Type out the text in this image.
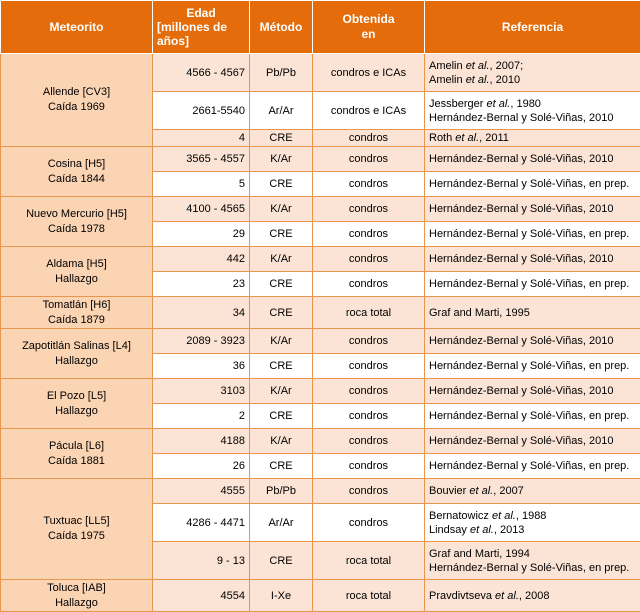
Meteorito	Edad
[millones de
años]	Método	Obtenida
en	Referencia

Allende [CV3]
Caída 1969	4566 - 4567	Pb/Pb	condros e ICAs	Amelin et al., 2007;
Amelin et al., 2010

	2661-5540	Ar/Ar	condros e ICAs	Jessberger et al., 1980
Hernández-Bernal y Solé-Viñas, 2010

	4	CRE	condros	Roth et al., 2011

Cosina [H5]
Caída 1844	3565 - 4557	K/Ar	condros	Hernández-Bernal y Solé-Viñas, 2010

	5	CRE	condros	Hernández-Bernal y Solé-Viñas, en prep.

Nuevo Mercurio [H5]
Caída 1978	4100 - 4565	K/Ar	condros	Hernández-Bernal y Solé-Viñas, 2010

	29	CRE	condros	Hernández-Bernal y Solé-Viñas, en prep.

Aldama [H5]
Hallazgo	442	K/Ar	condros	Hernández-Bernal y Solé-Viñas, 2010

	23	CRE	condros	Hernández-Bernal y Solé-Viñas, en prep.

Tomatlán [H6]
Caída 1879	34	CRE	roca total	Graf and Marti, 1995

Zapotitlán Salinas [L4]
Hallazgo	2089 - 3923	K/Ar	condros	Hernández-Bernal y Solé-Viñas, 2010

	36	CRE	condros	Hernández-Bernal y Solé-Viñas, en prep.

El Pozo [L5]
Hallazgo	3103	K/Ar	condros	Hernández-Bernal y Solé-Viñas, 2010

	2	CRE	condros	Hernández-Bernal y Solé-Viñas, en prep.

Pácula [L6]
Caída 1881	4188	K/Ar	condros	Hernández-Bernal y Solé-Viñas, 2010

	26	CRE	condros	Hernández-Bernal y Solé-Viñas, en prep.

Tuxtuac [LL5]
Caída 1975	4555	Pb/Pb	condros	Bouvier et al., 2007

	4286 - 4471	Ar/Ar	condros	Bernatowicz et al., 1988
Lindsay et al., 2013

	9 - 13	CRE	roca total	Graf and Marti, 1994
Hernández-Bernal y Solé-Viñas, en prep.

Toluca [IAB]
Hallazgo	4554	I-Xe	roca total	Pravdivtseva et al., 2008
